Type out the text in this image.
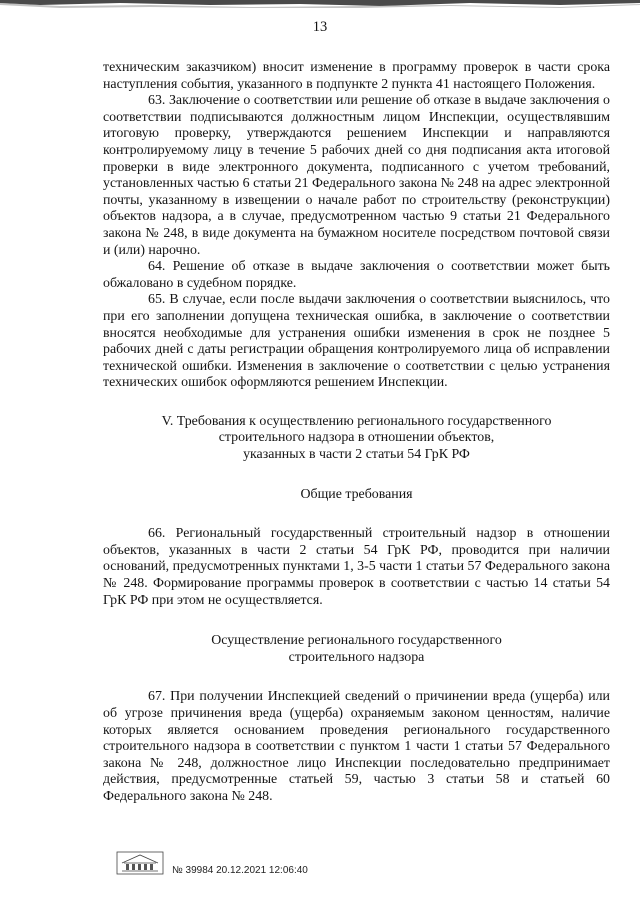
13

техническим заказчиком) вносит изменение в программу проверок в части срока наступления события, указанного в подпункте 2 пункта 41 настоящего Положения.

63. Заключение о соответствии или решение об отказе в выдаче заключения о соответствии подписываются должностным лицом Инспекции, осуществлявшим итоговую проверку, утверждаются решением Инспекции и направляются контролируемому лицу в течение 5 рабочих дней со дня подписания акта итоговой проверки в виде электронного документа, подписанного с учетом требований, установленных частью 6 статьи 21 Федерального закона № 248 на адрес электронной почты, указанному в извещении о начале работ по строительству (реконструкции) объектов надзора, а в случае, предусмотренном частью 9 статьи 21 Федерального закона № 248, в виде документа на бумажном носителе посредством почтовой связи и (или) нарочно.

64. Решение об отказе в выдаче заключения о соответствии может быть обжаловано в судебном порядке.

65. В случае, если после выдачи заключения о соответствии выяснилось, что при его заполнении допущена техническая ошибка, в заключение о соответствии вносятся необходимые для устранения ошибки изменения в срок не позднее 5 рабочих дней с даты регистрации обращения контролируемого лица об исправлении технической ошибки. Изменения в заключение о соответствии с целью устранения технических ошибок оформляются решением Инспекции.

V. Требования к осуществлению регионального государственного
строительного надзора в отношении объектов,
указанных в части 2 статьи 54 ГрК РФ
Общие требования

66. Региональный государственный строительный надзор в отношении объектов, указанных в части 2 статьи 54 ГрК РФ, проводится при наличии оснований, предусмотренных пунктами 1, 3-5 части 1 статьи 57 Федерального закона № 248. Формирование программы проверок в соответствии с частью 14 статьи 54 ГрК РФ при этом не осуществляется.

Осуществление регионального государственного
строительного надзора

67. При получении Инспекцией сведений о причинении вреда (ущерба) или об угрозе причинения вреда (ущерба) охраняемым законом ценностям, наличие которых является основанием проведения регионального государственного строительного надзора в соответствии с пунктом 1 части 1 статьи 57 Федерального закона № 248, должностное лицо Инспекции последовательно предпринимает действия, предусмотренные статьей 59, частью 3 статьи 58 и статьей 60 Федерального закона № 248.

№ 39984 20.12.2021 12:06:40
